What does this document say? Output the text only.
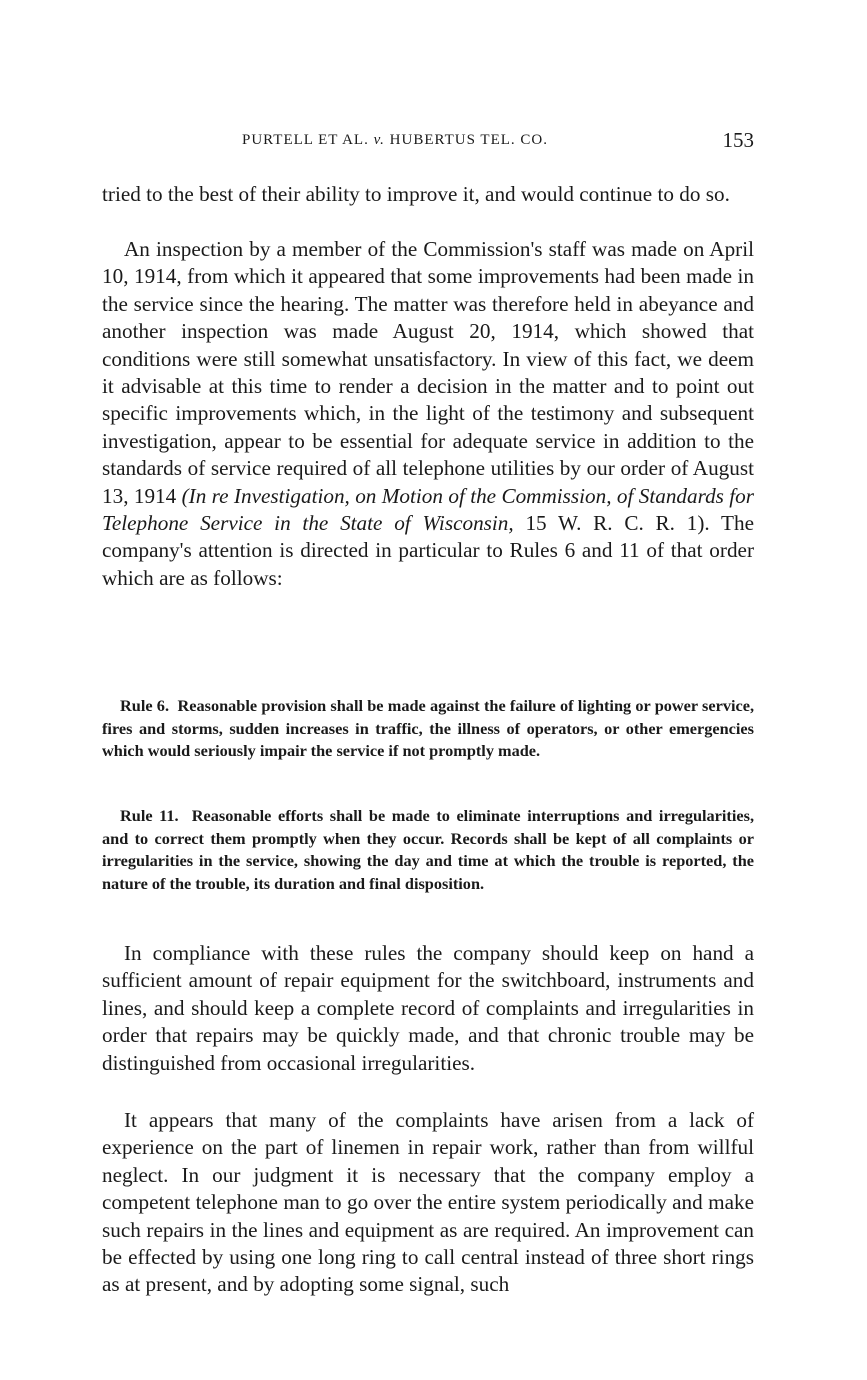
PURTELL ET AL. v. HUBERTUS TEL. CO.	153

tried to the best of their ability to improve it, and would continue to do so.

An inspection by a member of the Commission's staff was made on April 10, 1914, from which it appeared that some improvements had been made in the service since the hearing. The matter was therefore held in abeyance and another inspection was made August 20, 1914, which showed that conditions were still somewhat unsatisfactory. In view of this fact, we deem it advisable at this time to render a decision in the matter and to point out specific improvements which, in the light of the testimony and subsequent investigation, appear to be essential for adequate service in addition to the standards of service required of all telephone utilities by our order of August 13, 1914 (In re Investigation, on Motion of the Commission, of Standards for Telephone Service in the State of Wisconsin, 15 W. R. C. R. 1). The company's attention is directed in particular to Rules 6 and 11 of that order which are as follows:

Rule 6. Reasonable provision shall be made against the failure of lighting or power service, fires and storms, sudden increases in traffic, the illness of operators, or other emergencies which would seriously impair the service if not promptly made.

Rule 11. Reasonable efforts shall be made to eliminate interruptions and irregularities, and to correct them promptly when they occur. Records shall be kept of all complaints or irregularities in the service, showing the day and time at which the trouble is reported, the nature of the trouble, its duration and final disposition.

In compliance with these rules the company should keep on hand a sufficient amount of repair equipment for the switchboard, instruments and lines, and should keep a complete record of complaints and irregularities in order that repairs may be quickly made, and that chronic trouble may be distinguished from occasional irregularities.

It appears that many of the complaints have arisen from a lack of experience on the part of linemen in repair work, rather than from willful neglect. In our judgment it is necessary that the company employ a competent telephone man to go over the entire system periodically and make such repairs in the lines and equipment as are required. An improvement can be effected by using one long ring to call central instead of three short rings as at present, and by adopting some signal, such
